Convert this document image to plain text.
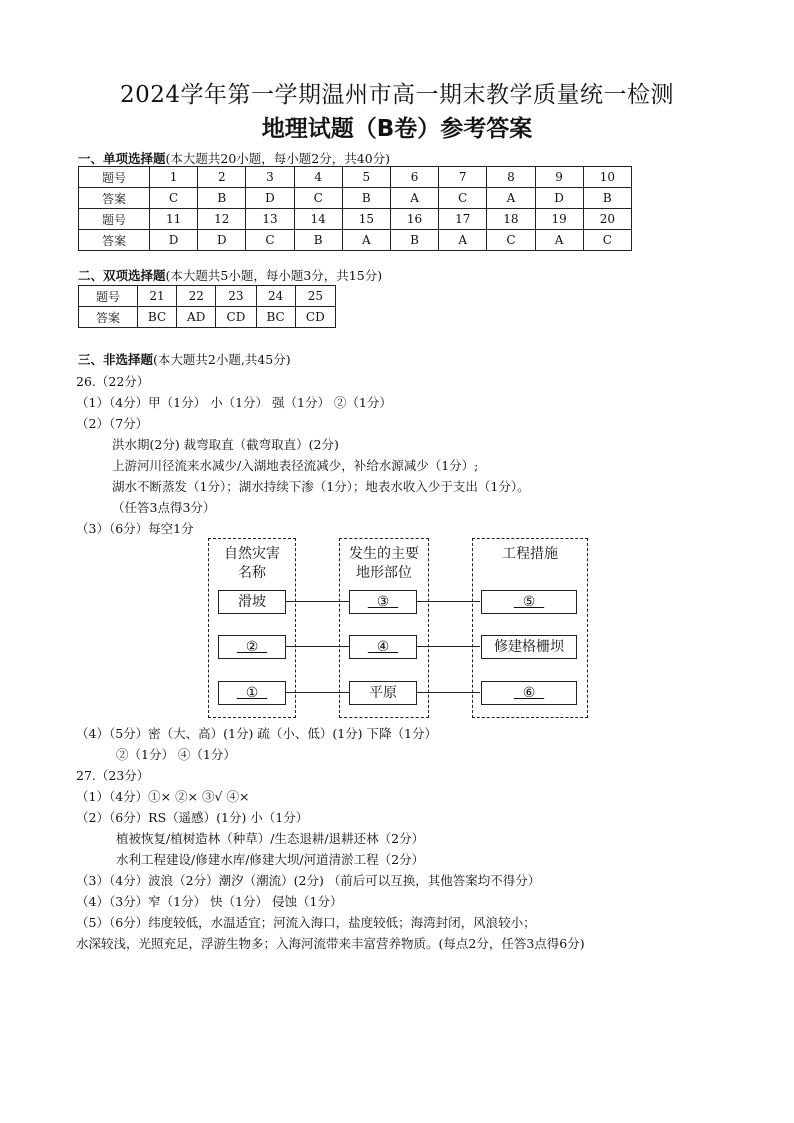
2024学年第一学期温州市高一期末教学质量统一检测
地理试题（B卷）参考答案
一、单项选择题(本大题共20小题，每小题2分，共40分)
题号	1	2	3	4	5	6	7	8	9	10
答案	C	B	D	C	B	A	C	A	D	B
题号	11	12	13	14	15	16	17	18	19	20
答案	D	D	C	B	A	B	A	C	A	C
二、双项选择题(本大题共5小题，每小题3分，共15分)
题号	21	22	23	24	25
答案	BC	AD	CD	BC	CD
三、非选择题(本大题共2小题,共45分)
26.（22分）
（1）（4分）甲（1分） 小（1分） 强（1分） ②（1分）
（2）（7分）
洪水期(2分) 裁弯取直（截弯取直）(2分)
上游河川径流来水减少/入湖地表径流减少，补给水源减少（1分）;
湖水不断蒸发（1分）；湖水持续下渗（1分）；地表水收入少于支出（1分）。
（任答3点得3分）
（3）（6分）每空1分
自然灾害
名称
发生的主要
地形部位
工程措施
滑坡
②
①
③
④
平原
⑤
修建格栅坝
⑥
（4）（5分）密（大、高）(1分) 疏（小、低）(1分) 下降（1分）
②（1分） ④（1分）
27.（23分）
（1）（4分）①× ②× ③√ ④×
（2）（6分）RS（遥感）(1分) 小（1分）
植被恢复/植树造林（种草）/生态退耕/退耕还林（2分）
水利工程建设/修建水库/修建大坝/河道清淤工程（2分）
（3）（4分）波浪（2分）潮汐（潮流）(2分) （前后可以互换，其他答案均不得分）
（4）（3分）窄（1分） 快（1分） 侵蚀（1分）
（5）（6分）纬度较低，水温适宜；河流入海口，盐度较低；海湾封闭，风浪较小；
水深较浅，光照充足，浮游生物多；入海河流带来丰富营养物质。(每点2分，任答3点得6分)
